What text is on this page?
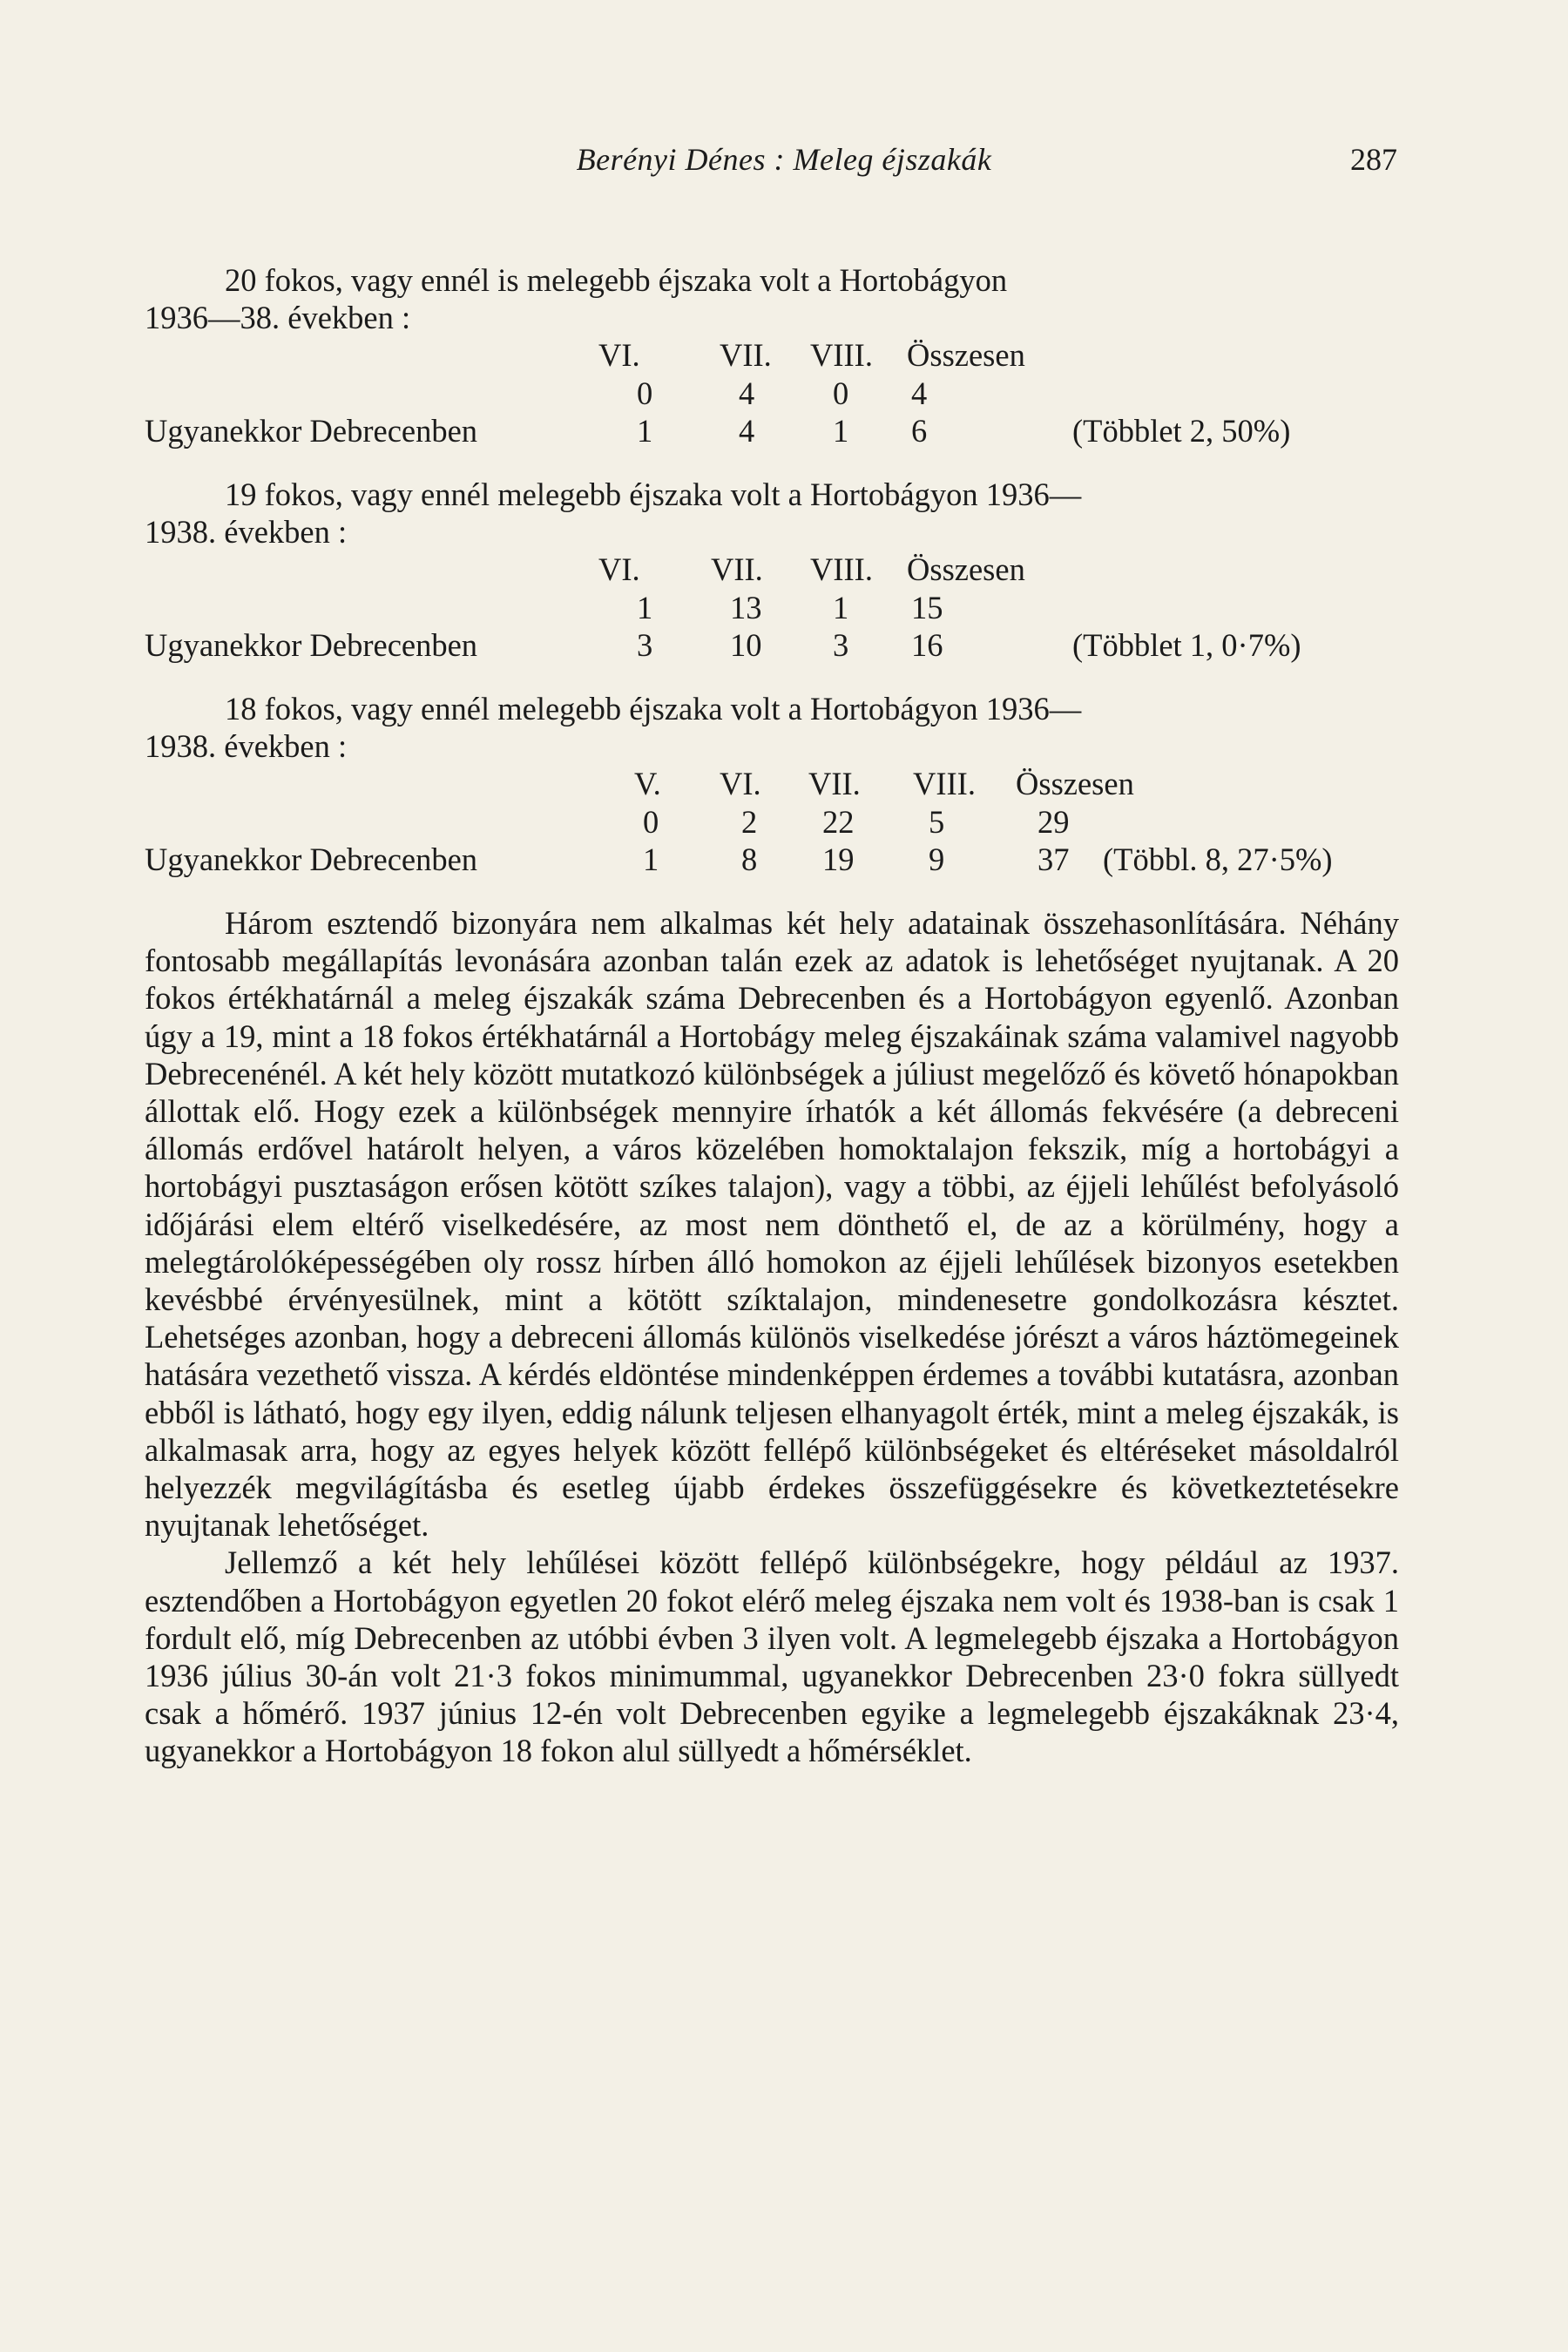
Berényi Dénes : Meleg éjszakák	287

20 fokos, vagy ennél is melegebb éjszaka volt a Hortobágyon

1936—38. években :

VI.	VII. VIII. Összesen
0	4 0 4
Ugyanekkor Debrecenben	1	4 1 6	(Többlet 2, 50%)

19 fokos, vagy ennél melegebb éjszaka volt a Hortobágyon 1936—

1938. években :

VI. VII. VIII. Összesen
1 13 1 15
Ugyanekkor Debrecenben	3 10 3 16	(Többlet 1, 0·7%)

18 fokos, vagy ennél melegebb éjszaka volt a Hortobágyon 1936—

1938. években :

V. VI. VII. VIII. Összesen
0	2 22 5	29
Ugyanekkor Debrecenben	1	8 19 9	37 (Többl. 8, 27·5%)

Három esztendő bizonyára nem alkalmas két hely adatainak összehasonlítására. Néhány fontosabb megállapítás levonására azonban talán ezek az adatok is lehetőséget nyujtanak. A 20 fokos értékhatárnál a meleg éjszakák száma Debrecenben és a Hortobágyon egyenlő. Azonban úgy a 19, mint a 18 fokos értékhatárnál a Hortobágy meleg éjszakáinak száma valamivel nagyobb Debrecenénél. A két hely között mutatkozó különbségek a júliust megelőző és követő hónapokban állottak elő. Hogy ezek a különbségek mennyire írhatók a két állomás fekvésére (a debreceni állomás erdővel határolt helyen, a város közelében homoktalajon fekszik, míg a hortobágyi a hortobágyi pusztaságon erősen kötött szíkes talajon), vagy a többi, az éjjeli lehűlést befolyásoló időjárási elem eltérő viselkedésére, az most nem dönthető el, de az a körülmény, hogy a melegtárolóképességében oly rossz hírben álló homokon az éjjeli lehűlések bizonyos esetekben kevésbbé érvényesülnek, mint a kötött szíktalajon, mindenesetre gondolkozásra késztet. Lehetséges azonban, hogy a debreceni állomás különös viselkedése jórészt a város háztömegeinek hatására vezethető vissza. A kérdés eldöntése mindenképpen érdemes a további kutatásra, azonban ebből is látható, hogy egy ilyen, eddig nálunk teljesen elhanyagolt érték, mint a meleg éjszakák, is alkalmasak arra, hogy az egyes helyek között fellépő különbségeket és eltéréseket másoldalról helyezzék megvilágításba és esetleg újabb érdekes összefüggésekre és következtetésekre nyujtanak lehetőséget.

Jellemző a két hely lehűlései között fellépő különbségekre, hogy például az 1937. esztendőben a Hortobágyon egyetlen 20 fokot elérő meleg éjszaka nem volt és 1938-ban is csak 1 fordult elő, míg Debrecenben az utóbbi évben 3 ilyen volt. A legmelegebb éjszaka a Hortobágyon 1936 július 30-án volt 21·3 fokos minimummal, ugyanekkor Debrecenben 23·0 fokra süllyedt csak a hőmérő. 1937 június 12-én volt Debrecenben egyike a legmelegebb éjszakáknak 23·4, ugyanekkor a Hortobágyon 18 fokon alul süllyedt a hőmérséklet.
